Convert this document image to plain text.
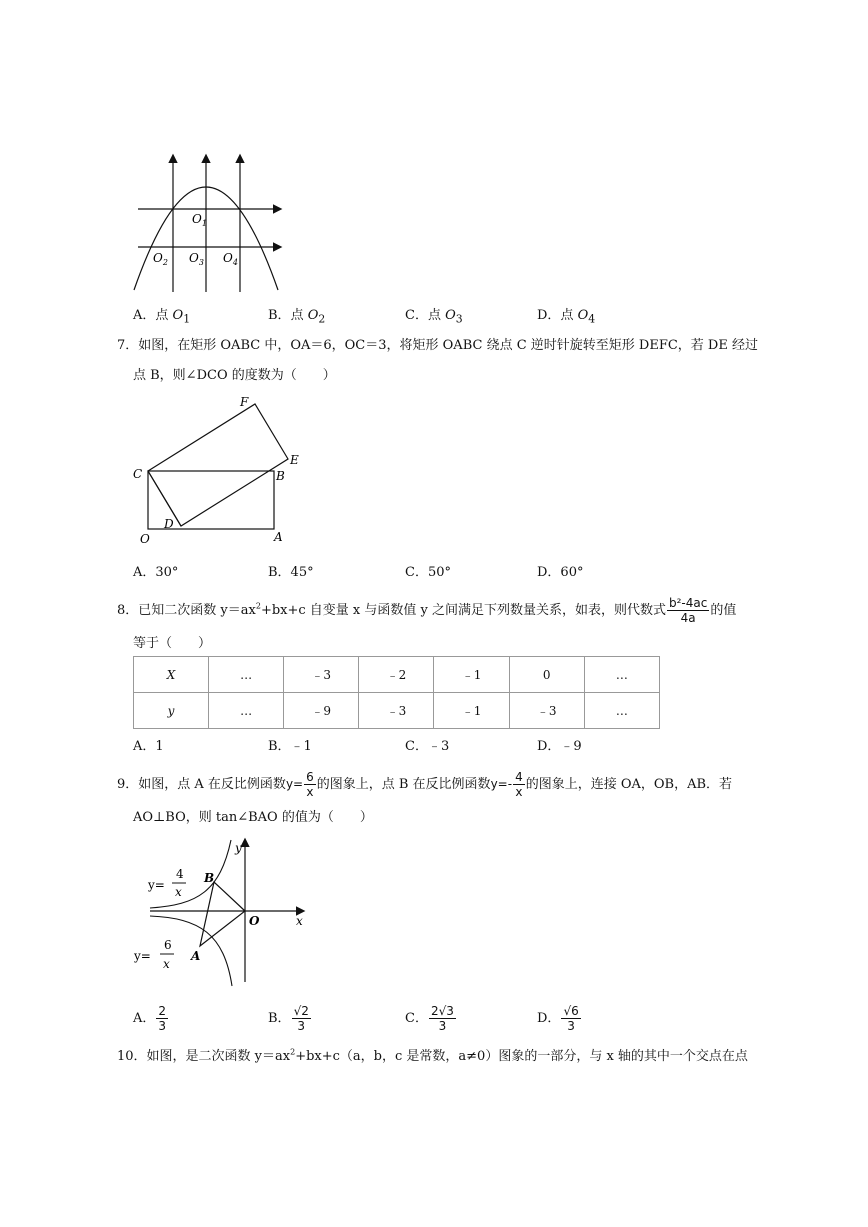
$O_1$
$O_2$ $O_3$ $O_4$
A．点 $O_1$	B．点 $O_2$	C．点 $O_3$	D．点 $O_4$
7．如图，在矩形 OABC 中，OA＝6，OC＝3，将矩形 OABC 绕点 C 逆时针旋转至矩形 DEFC，若 DE 经过
点 B，则∠DCO 的度数为（　　）
F
E
C	B
D
O	A
A．30°	B．45°	C．50°	D．60°
8．已知二次函数 $y=ax^2+bx+c$ 自变量 x 与函数值 y 之间满足下列数量关系，如表，则代数式 $\frac{\text{b²-4ac}}{4a}$ 的值
等于（　　）
X	…	﹣3	﹣2	﹣1	0	…
y	…	﹣9	﹣3	﹣1	﹣3	…
A．1	B．﹣1	C．﹣3	D．﹣9
9．如图，点 A 在反比例函数$y= \frac{6}{x}$ 的图象上，点 B 在反比例函数$y=- \frac{4}{x}$ 的图象上，连接 OA，OB，AB．若
AO⊥BO，则 tan∠BAO 的值为（　　）
y
x
O
B
A
y=
4
x
y=
6
x
A． $\frac{2}{3}$	B． $\frac{√2}{3}$	C． $\frac{2√3}{3}$	D． $\frac{√6}{3}$
10．如图，是二次函数 $y=ax^2+bx+c(a$，b，c 是常数，a≠0）图象的一部分，与 x 轴的其中一个交点在点
